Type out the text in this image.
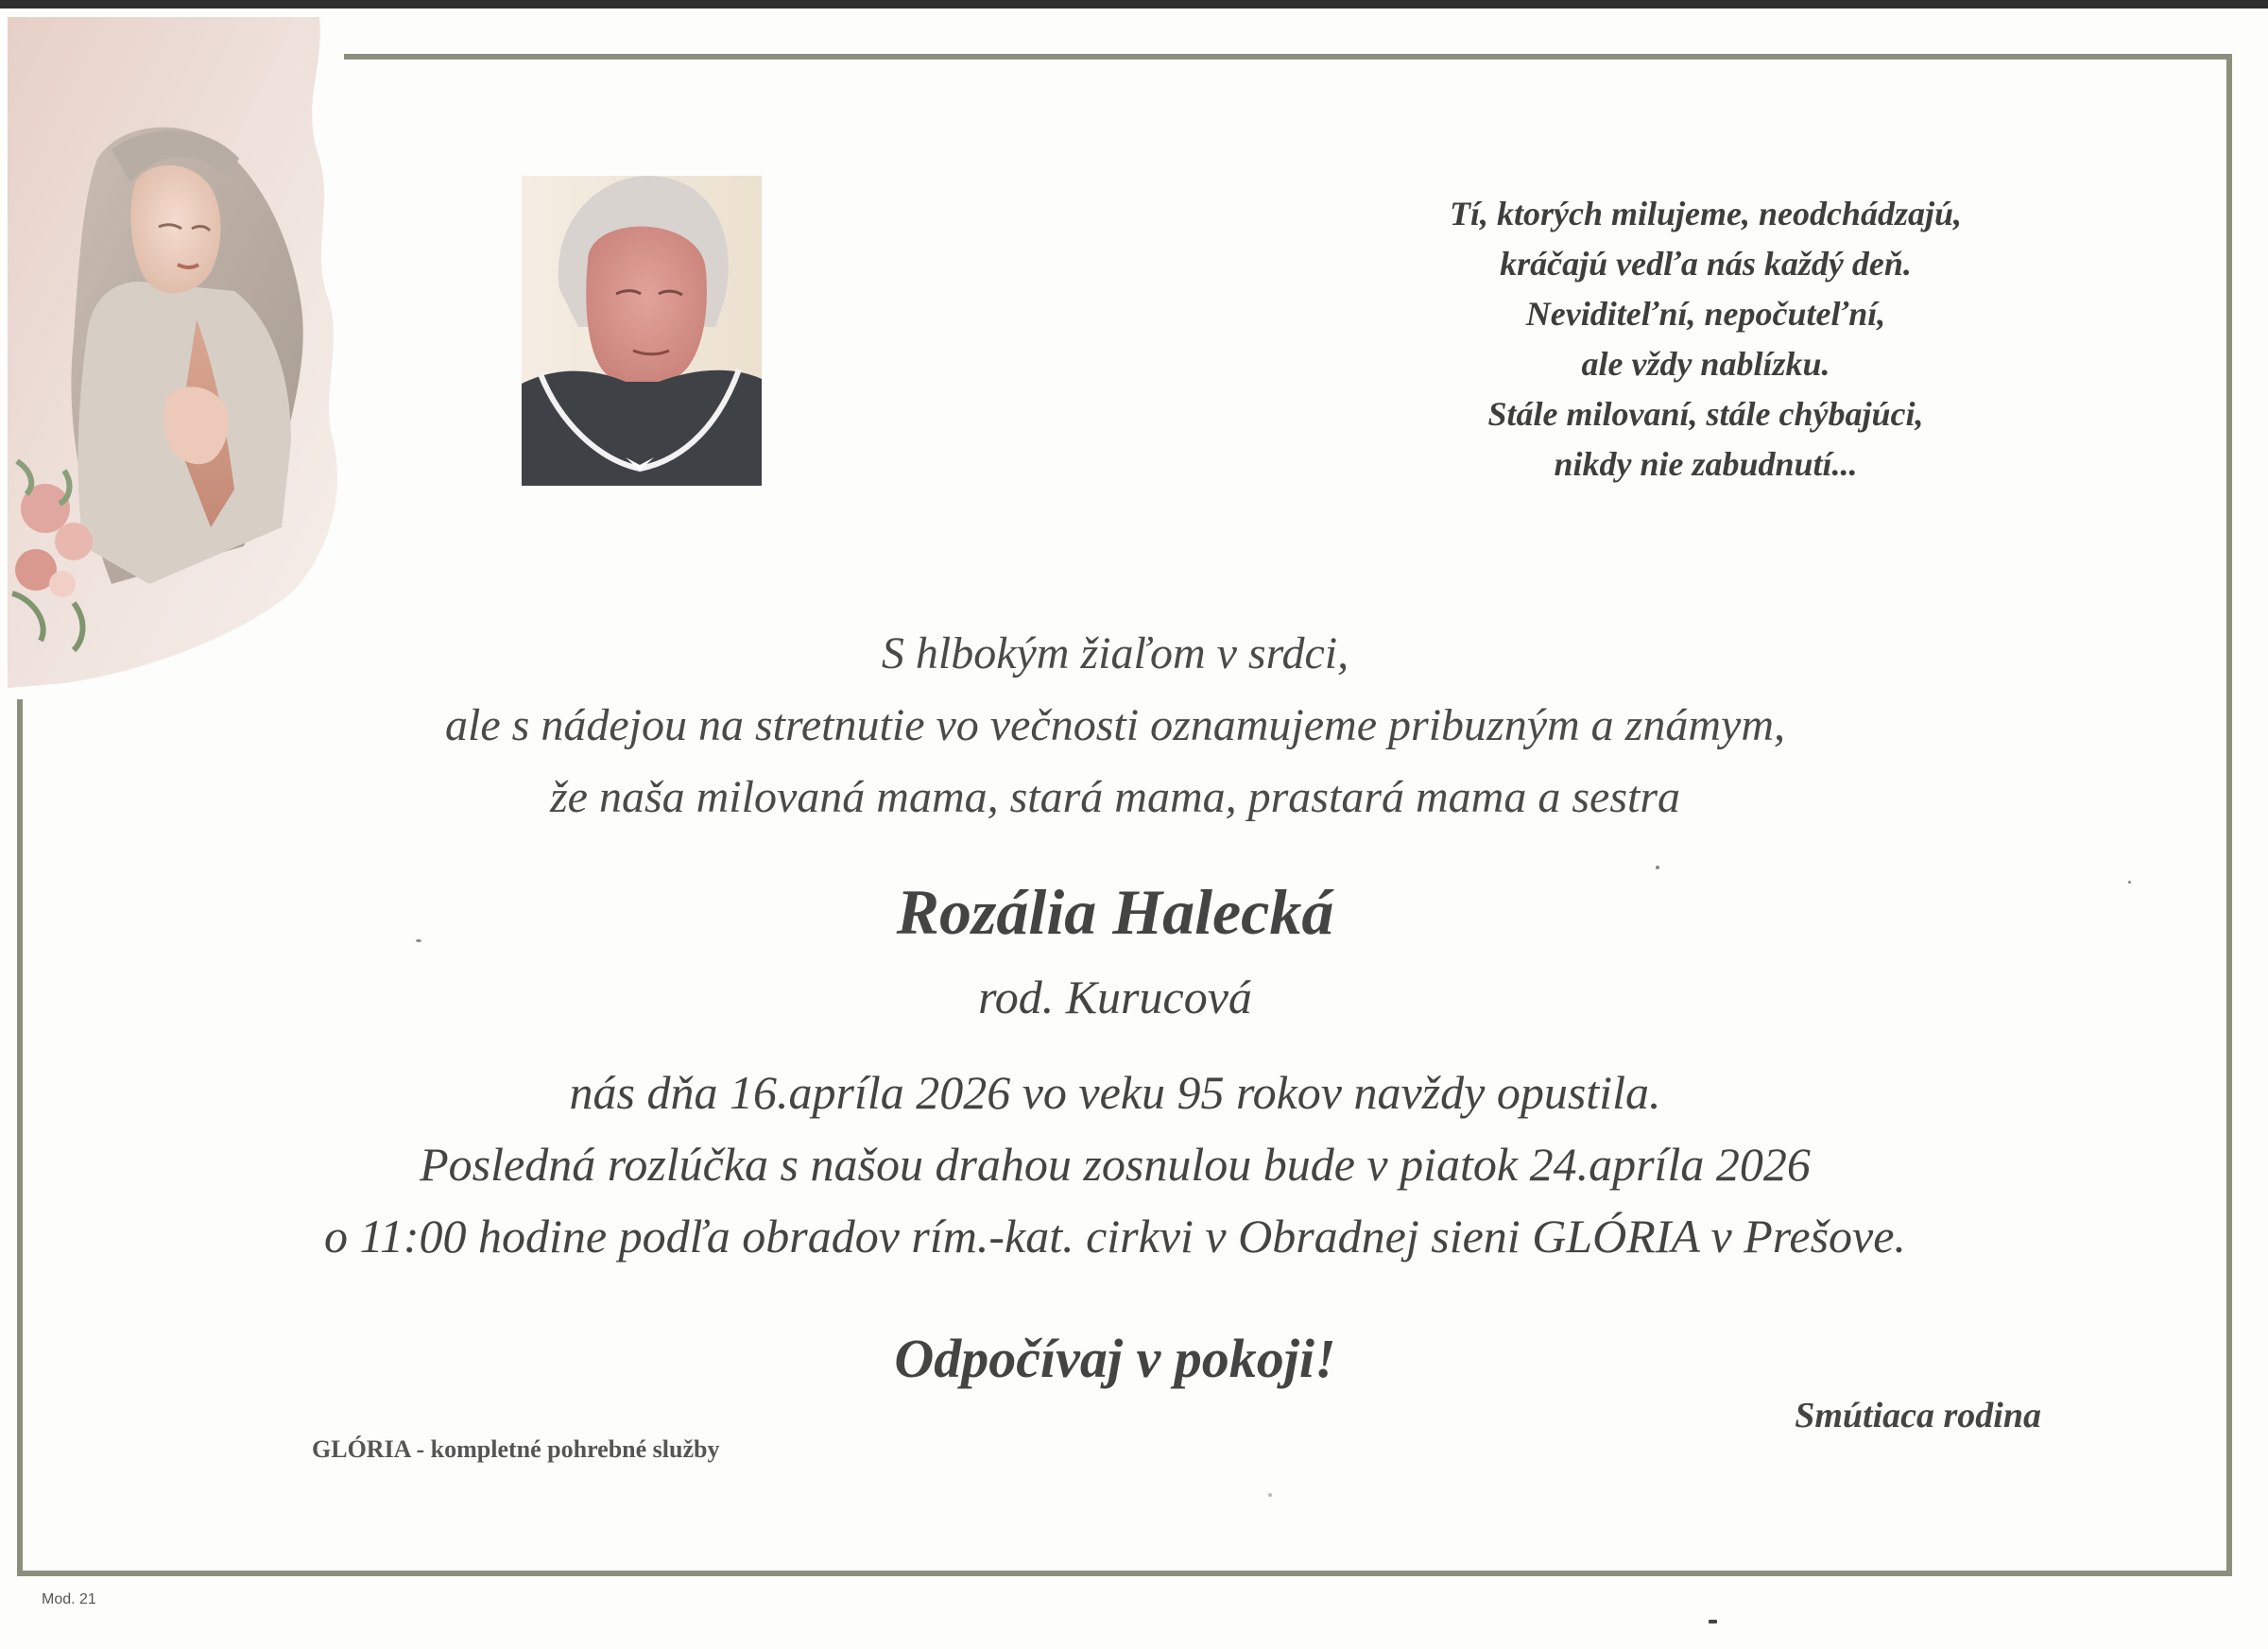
Tí, ktorých milujeme, neodchádzajú,
kráčajú vedľa nás každý deň.
Neviditeľní, nepočuteľní,
ale vždy nablízku.
Stále milovaní, stále chýbajúci,
nikdy nie zabudnutí...
S hlbokým žiaľom v srdci,
ale s nádejou na stretnutie vo večnosti oznamujeme pribuzným a známym,
že naša milovaná mama, stará mama, prastará mama a sestra
Rozália Halecká
rod. Kurucová
nás dňa 16.apríla 2026 vo veku 95 rokov navždy opustila.
Posledná rozlúčka s našou drahou zosnulou bude v piatok 24.apríla 2026
o 11:00 hodine podľa obradov rím.-kat. cirkvi v Obradnej sieni GLÓRIA v Prešove.
Odpočívaj v pokoji!
Smútiaca rodina
GLÓRIA - kompletné pohrebné služby
Mod. 21
